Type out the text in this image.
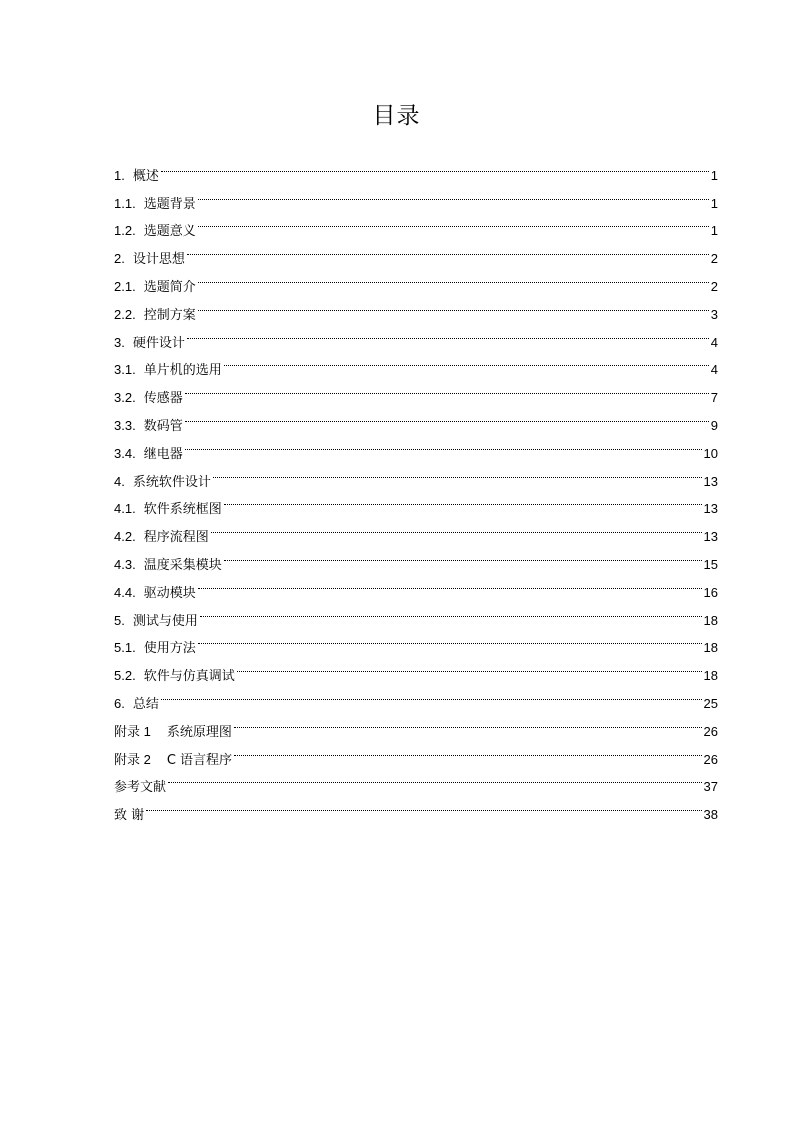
目录
1. 概述	1
1.1. 选题背景	1
1.2. 选题意义	1
2. 设计思想	2
2.1. 选题简介	2
2.2. 控制方案	3
3. 硬件设计	4
3.1. 单片机的选用	4
3.2. 传感器	7
3.3. 数码管	9
3.4. 继电器	10
4. 系统软件设计	13
4.1. 软件系统框图	13
4.2. 程序流程图	13
4.3. 温度采集模块	15
4.4. 驱动模块	16
5. 测试与使用	18
5.1. 使用方法	18
5.2. 软件与仿真调试	18
6. 总结	25
附录 1 系统原理图	26
附录 2 C 语言程序	26
参考文献	37
致 谢	38
